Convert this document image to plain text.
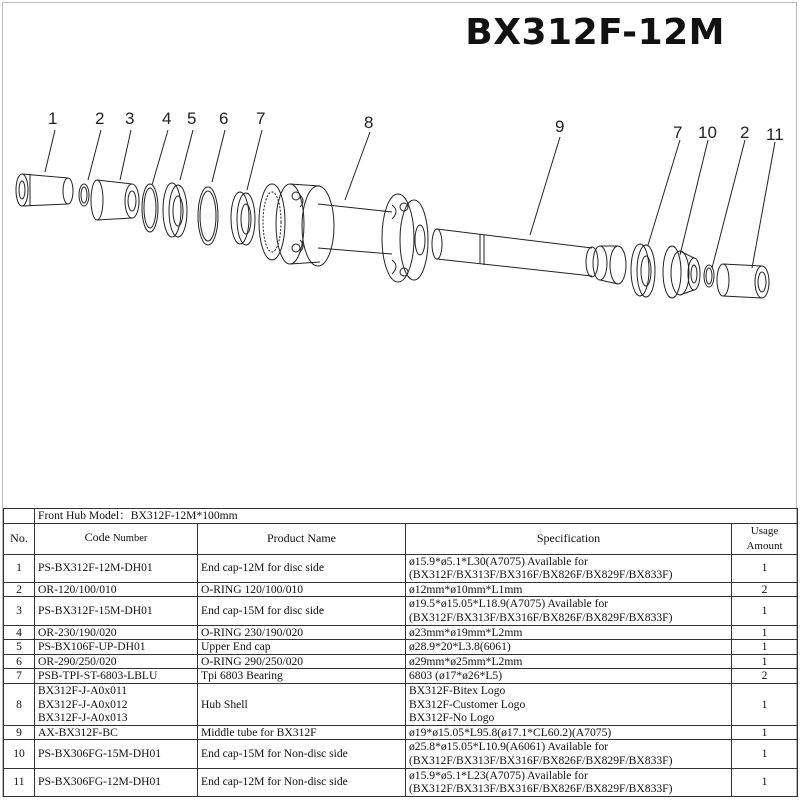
BX312F-12M
1 2 3 4 5 6 7	8	9	7 10 2 11
	Front Hub Model：BX312F-12M*100mm			
No.	Code Number	Product Name	Specification	Usage
Amount
1	PS-BX312F-12M-DH01	End cap-12M for disc side	ø15.9*ø5.1*L30(A7075) Available for
(BX312F/BX313F/BX316F/BX826F/BX829F/BX833F)	1
2	OR-120/100/010	O-RING 120/100/010	ø12mm*ø10mm*L1mm	2
3	PS-BX312F-15M-DH01	End cap-15M for disc side	ø19.5*ø15.05*L18.9(A7075) Available for
(BX312F/BX313F/BX316F/BX826F/BX829F/BX833F)	1
4	OR-230/190/020	O-RING 230/190/020	ø23mm*ø19mm*L2mm	1
5	PS-BX106F-UP-DH01	Upper End cap	ø28.9*20*L3.8(6061)	1
6	OR-290/250/020	O-RING 290/250/020	ø29mm*ø25mm*L2mm	1
7	PSB-TPI-ST-6803-LBLU	Tpi 6803 Bearing	6803 (ø17*ø26*L5)	2
8	BX312F-J-A0x011
BX312F-J-A0x012
BX312F-J-A0x013	Hub Shell	BX312F-Bitex Logo
BX312F-Customer Logo
BX312F-No Logo	1
9	AX-BX312F-BC	Middle tube for BX312F	ø19*ø15.05*L95.8(ø17.1*CL60.2)(A7075)	1
10	PS-BX306FG-15M-DH01	End cap-15M for Non-disc side	ø25.8*ø15.05*L10.9(A6061) Available for
(BX312F/BX313F/BX316F/BX826F/BX829F/BX833F)	1
11	PS-BX306FG-12M-DH01	End cap-12M for Non-disc side	ø15.9*ø5.1*L23(A7075) Available for
(BX312F/BX313F/BX316F/BX826F/BX829F/BX833F)	1
